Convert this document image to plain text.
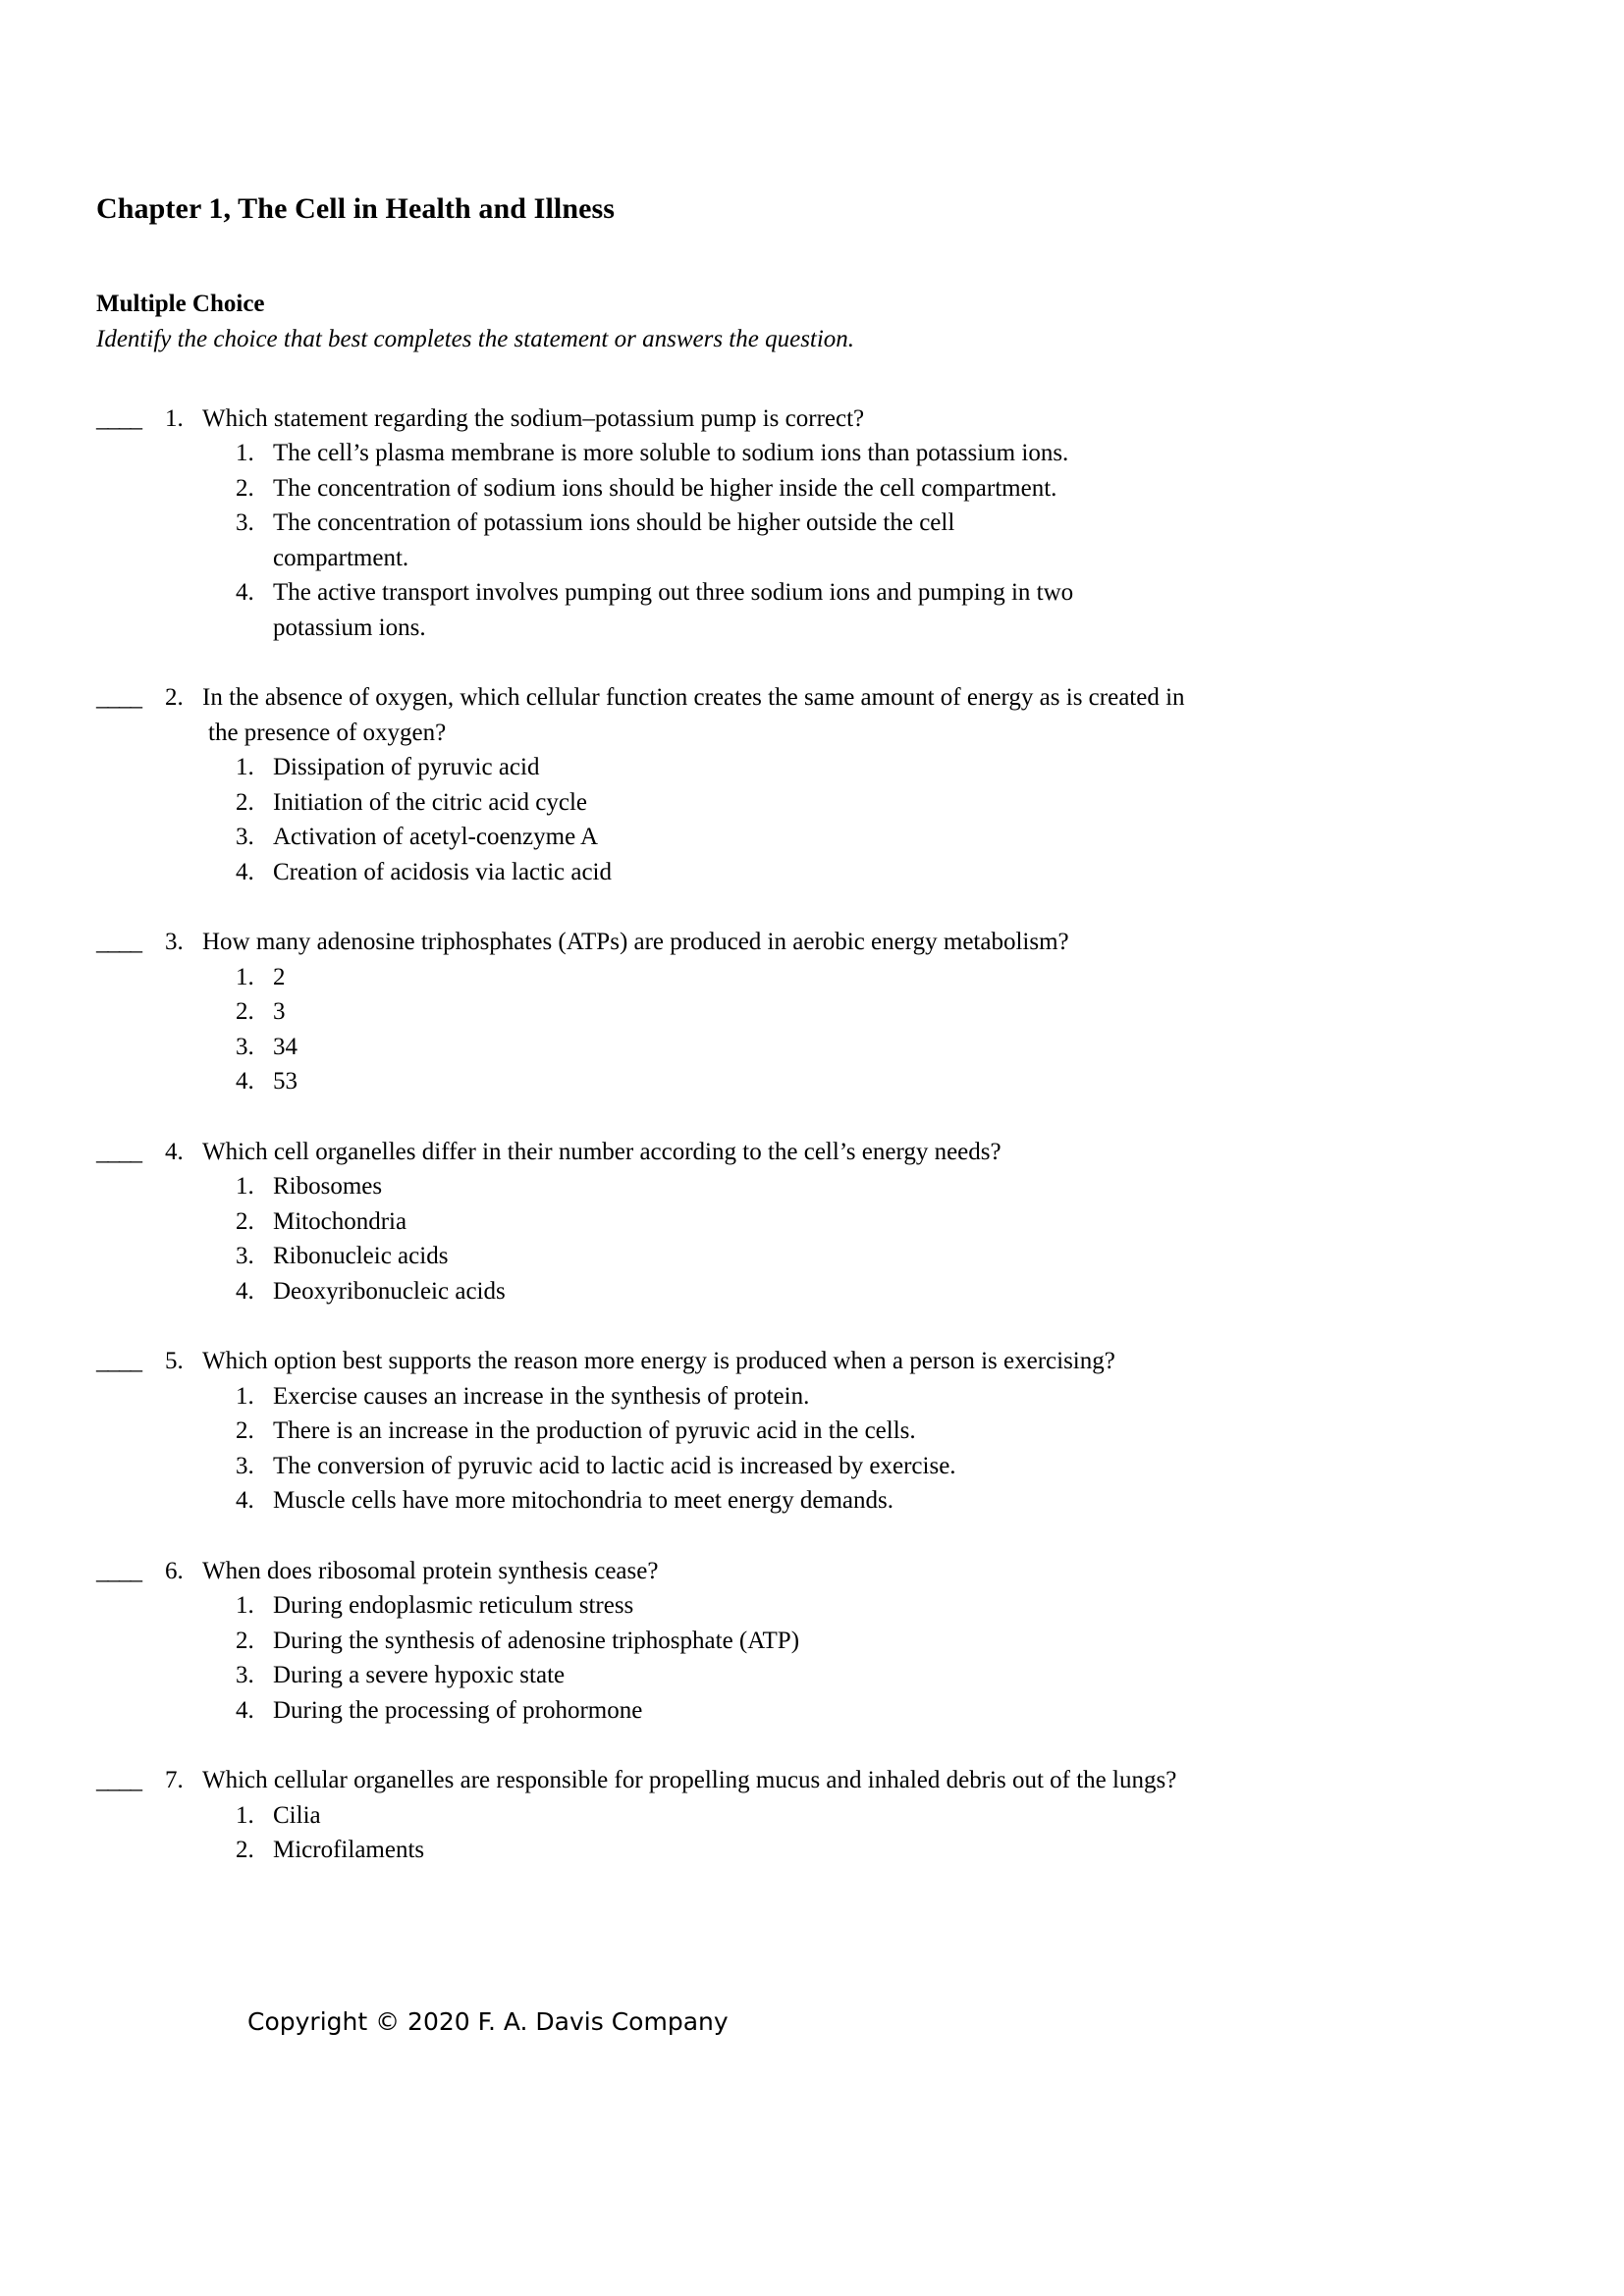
Chapter 1, The Cell in Health and Illness
Multiple Choice
Identify the choice that best completes the statement or answers the question.
____ 1. Which statement regarding the sodium–potassium pump is correct?
1. The cell’s plasma membrane is more soluble to sodium ions than potassium ions.
2. The concentration of sodium ions should be higher inside the cell compartment.
3. The concentration of potassium ions should be higher outside the cell
compartment.
4. The active transport involves pumping out three sodium ions and pumping in two
potassium ions.
____ 2. In the absence of oxygen, which cellular function creates the same amount of energy as is created in
the presence of oxygen?
1. Dissipation of pyruvic acid
2. Initiation of the citric acid cycle
3. Activation of acetyl-coenzyme A
4. Creation of acidosis via lactic acid
____ 3. How many adenosine triphosphates (ATPs) are produced in aerobic energy metabolism?
1. 2
2. 3
3. 34
4. 53
____ 4. Which cell organelles differ in their number according to the cell’s energy needs?
1. Ribosomes
2. Mitochondria
3. Ribonucleic acids
4. Deoxyribonucleic acids
____ 5. Which option best supports the reason more energy is produced when a person is exercising?
1. Exercise causes an increase in the synthesis of protein.
2. There is an increase in the production of pyruvic acid in the cells.
3. The conversion of pyruvic acid to lactic acid is increased by exercise.
4. Muscle cells have more mitochondria to meet energy demands.
____ 6. When does ribosomal protein synthesis cease?
1. During endoplasmic reticulum stress
2. During the synthesis of adenosine triphosphate (ATP)
3. During a severe hypoxic state
4. During the processing of prohormone
____ 7. Which cellular organelles are responsible for propelling mucus and inhaled debris out of the lungs?
1. Cilia
2. Microfilaments
Copyright © 2020 F. A. Davis Company
